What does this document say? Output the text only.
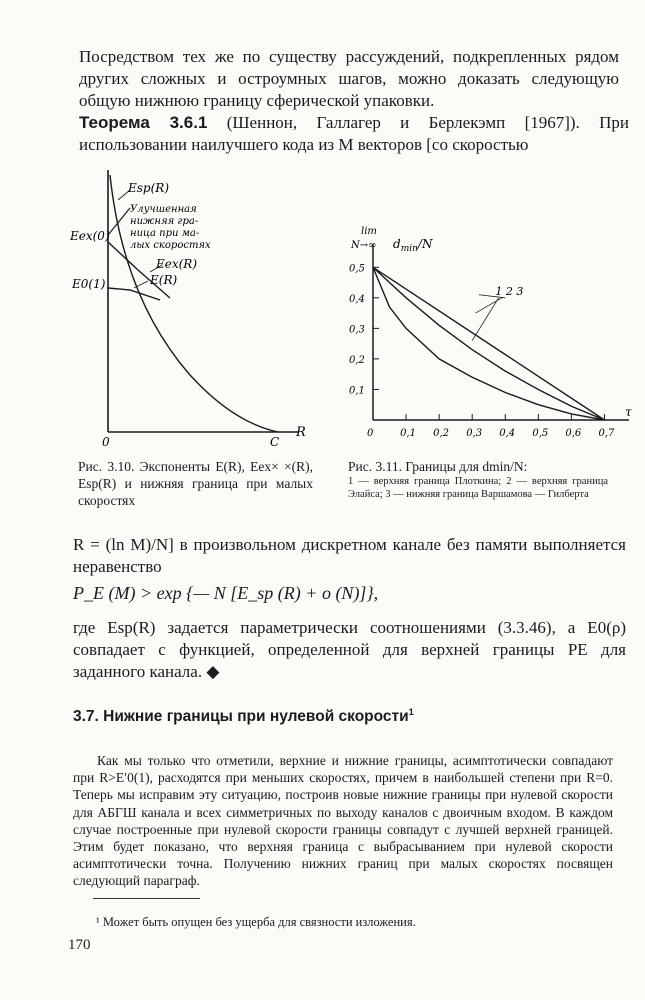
Посредством тех же по существу рассуждений, подкрепленных рядом других сложных и остроумных шагов, можно доказать следующую общую нижнюю границу сферической упаковки.
Теорема 3.6.1 (Шеннон, Галлагер и Берлекэмп [1967]). При использовании наилучшего кода из M векторов [со скоростью
Esp(R)
Улучшенная
нижняя гра-
ница при ма-
лых скоростях
Eex(0)
E0(1)
Eex(R)
E(R)
0	C
R
lim
N→∞ $d_{min}/N$
0	0,1 0,2 0,3 0,4 0,5 0,6 0,7
0,1
0,2
0,3
0,4
0,5
τ
1 2 3
Рис. 3.10. Экспоненты E(R), Eex× ×(R), Esp(R) и нижняя граница при малых скоростях
Рис. 3.11. Границы для dmin/N:
1 — верхняя граница Плоткина; 2 — верхняя граница Элайса; 3 — нижняя граница Варшамова — Гилберта
R = (ln M)/N] в произвольном дискретном канале без памяти выполняется неравенство
P_E (M) > exp {— N [E_sp (R) + o (N)]},
где Esp(R) задается параметрически соотношениями (3.3.46), а E0(ρ) совпадает с функцией, определенной для верхней границы PE для заданного канала. ◆
3.7. Нижние границы при нулевой скорости$^1$
Как мы только что отметили, верхние и нижние границы, асимптотически совпадают при R>E′0(1), расходятся при меньших скоростях, причем в наибольшей степени при R=0. Теперь мы исправим эту ситуацию, построив новые нижние границы при нулевой скорости для АБГШ канала и всех симметричных по выходу каналов с двоичным входом. В каждом случае построенные при нулевой скорости границы совпадут с лучшей верхней границей. Этим будет показано, что верхняя граница с выбрасыванием при нулевой скорости асимптотически точна. Получению нижних границ при малых скоростях посвящен следующий параграф.
¹ Может быть опущен без ущерба для связности изложения.
170
